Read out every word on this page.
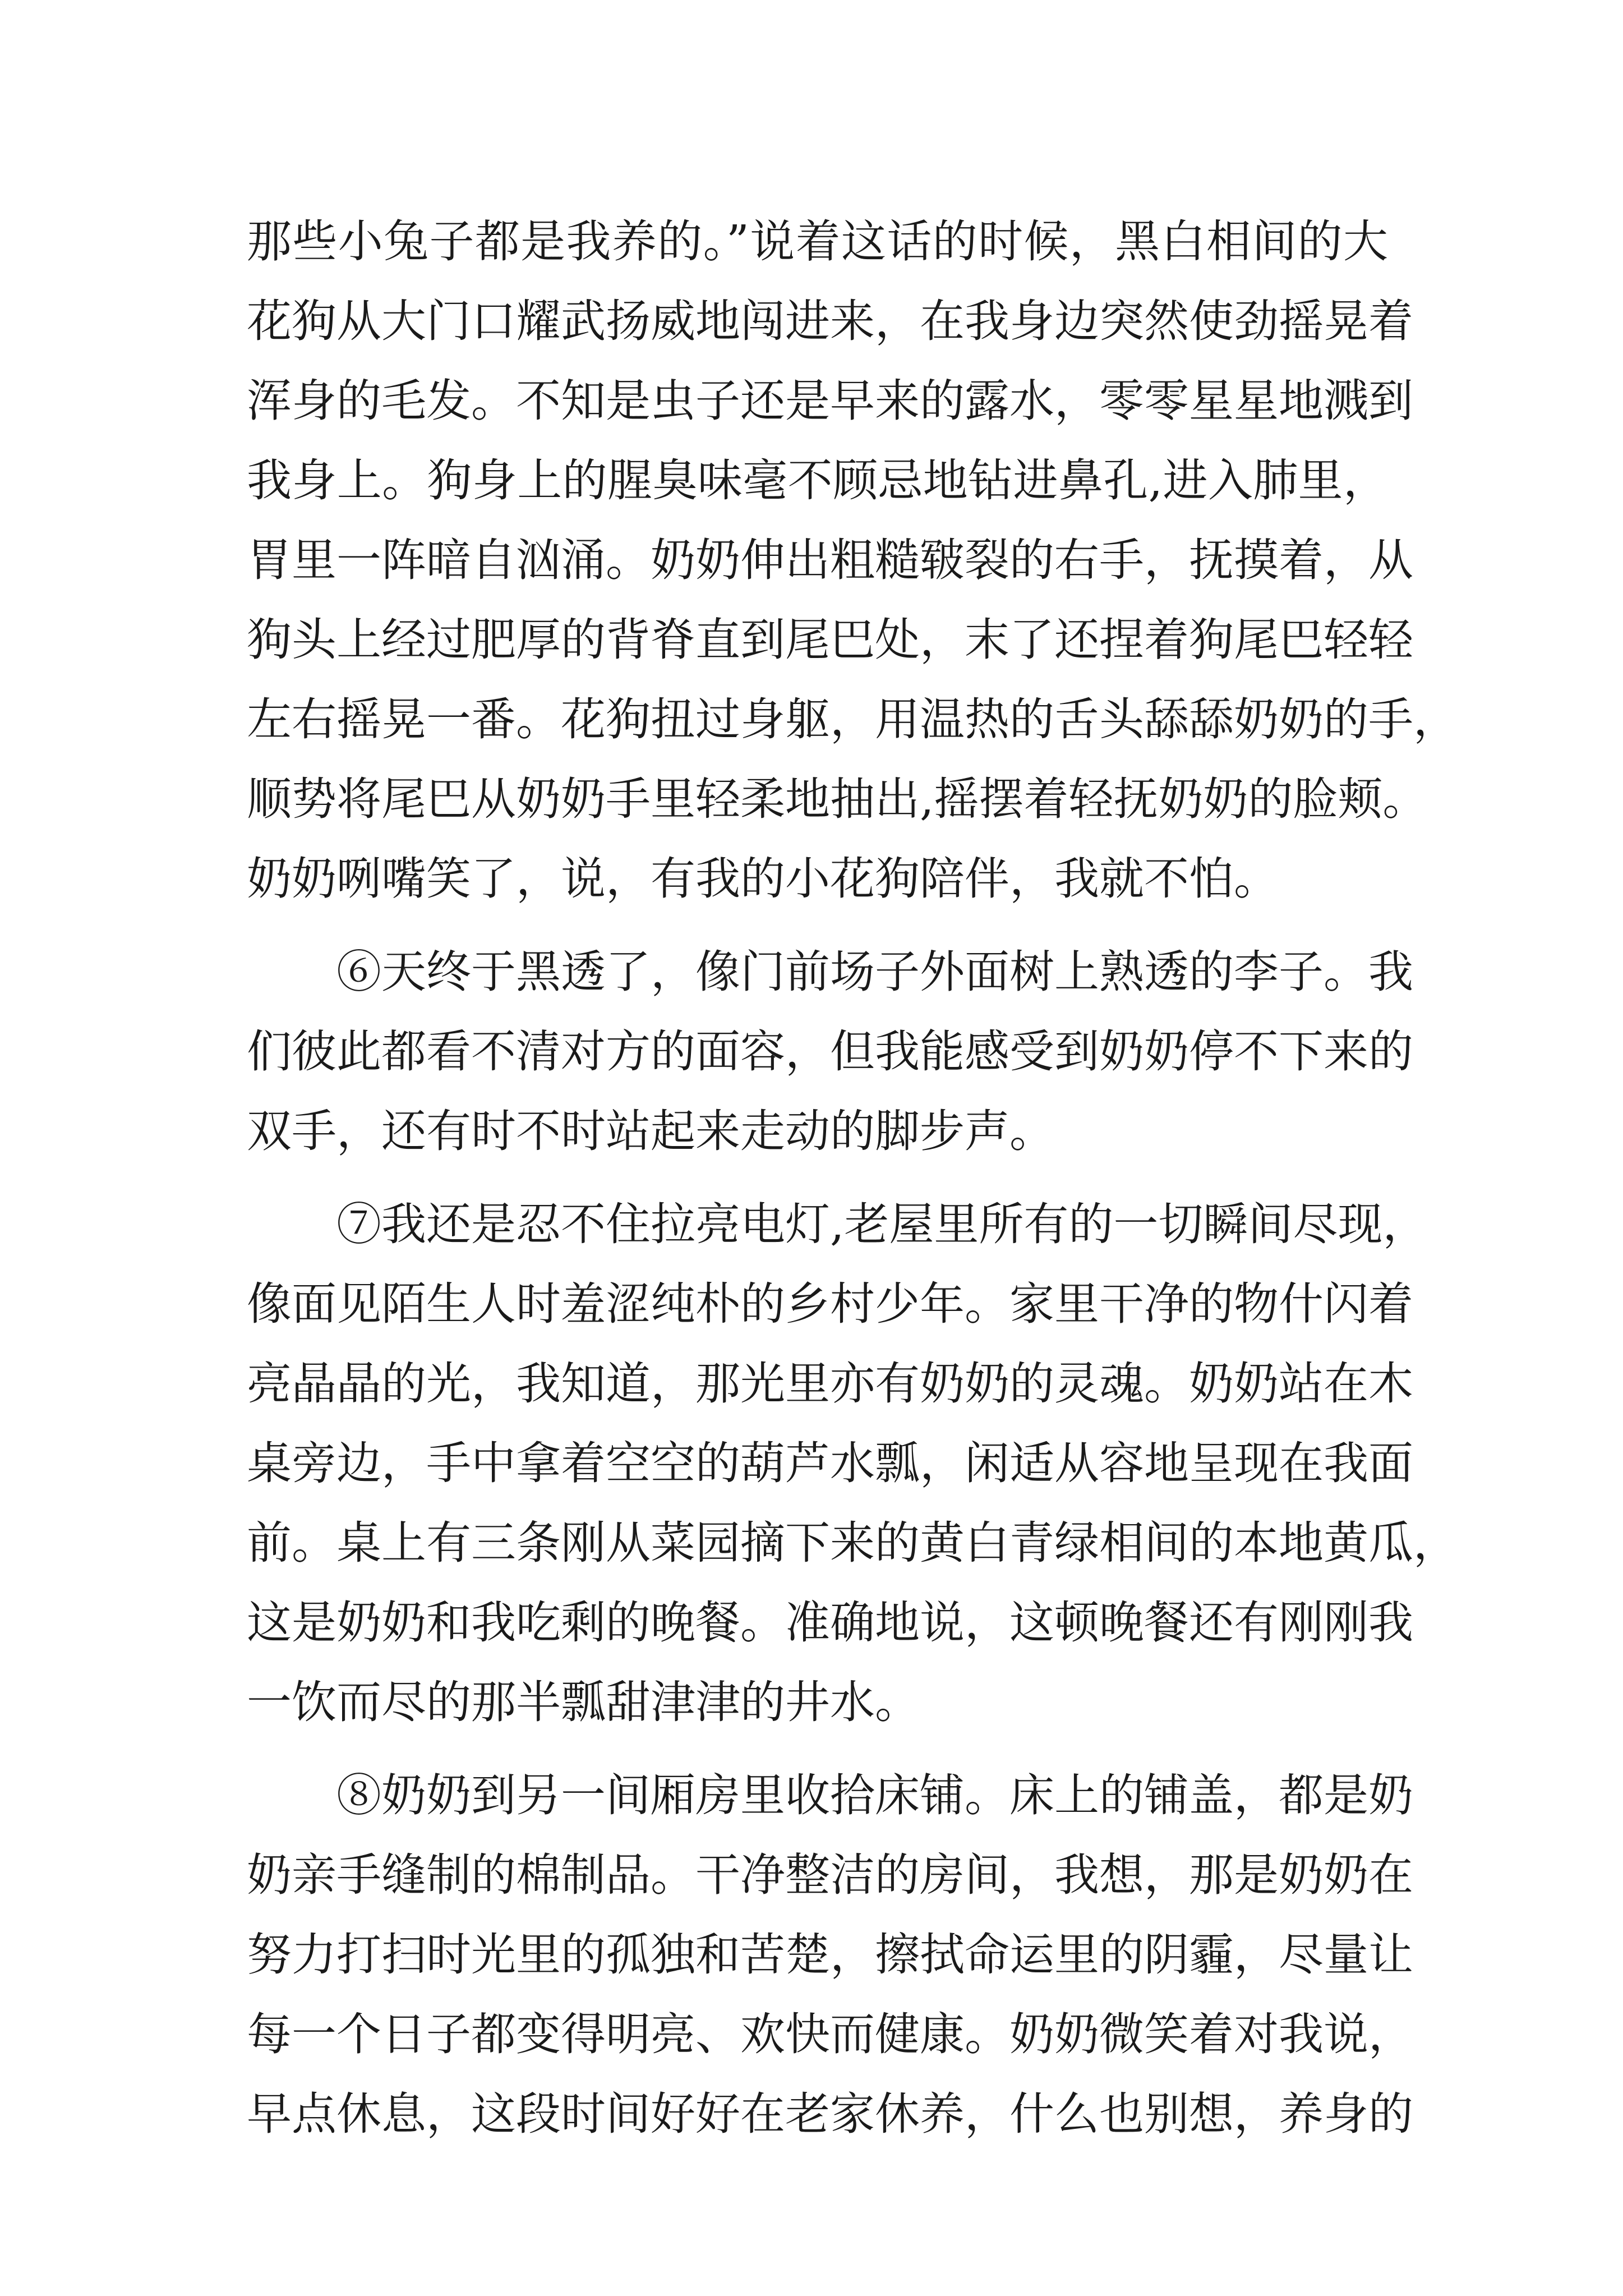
那些小兔子都是我养的。”说着这话的时候，黑白相间的大
花狗从大门口耀武扬威地闯进来，在我身边突然使劲摇晃着
浑身的毛发。不知是虫子还是早来的露水，零零星星地溅到
我身上。狗身上的腥臭味毫不顾忌地钻进鼻孔,进入肺里，
胃里一阵暗自汹涌。奶奶伸出粗糙皲裂的右手，抚摸着，从
狗头上经过肥厚的背脊直到尾巴处，末了还捏着狗尾巴轻轻
左右摇晃一番。花狗扭过身躯，用温热的舌头舔舔奶奶的手，
顺势将尾巴从奶奶手里轻柔地抽出,摇摆着轻抚奶奶的脸颊。
奶奶咧嘴笑了，说，有我的小花狗陪伴，我就不怕。
⑥天终于黑透了，像门前场子外面树上熟透的李子。我
们彼此都看不清对方的面容，但我能感受到奶奶停不下来的
双手，还有时不时站起来走动的脚步声。
⑦我还是忍不住拉亮电灯,老屋里所有的一切瞬间尽现，
像面见陌生人时羞涩纯朴的乡村少年。家里干净的物什闪着
亮晶晶的光，我知道，那光里亦有奶奶的灵魂。奶奶站在木
桌旁边，手中拿着空空的葫芦水瓢，闲适从容地呈现在我面
前。桌上有三条刚从菜园摘下来的黄白青绿相间的本地黄瓜，
这是奶奶和我吃剩的晚餐。准确地说，这顿晚餐还有刚刚我
一饮而尽的那半瓢甜津津的井水。
⑧奶奶到另一间厢房里收拾床铺。床上的铺盖，都是奶
奶亲手缝制的棉制品。干净整洁的房间，我想，那是奶奶在
努力打扫时光里的孤独和苦楚，擦拭命运里的阴霾，尽量让
每一个日子都变得明亮、欢快而健康。奶奶微笑着对我说，
早点休息，这段时间好好在老家休养，什么也别想，养身的
